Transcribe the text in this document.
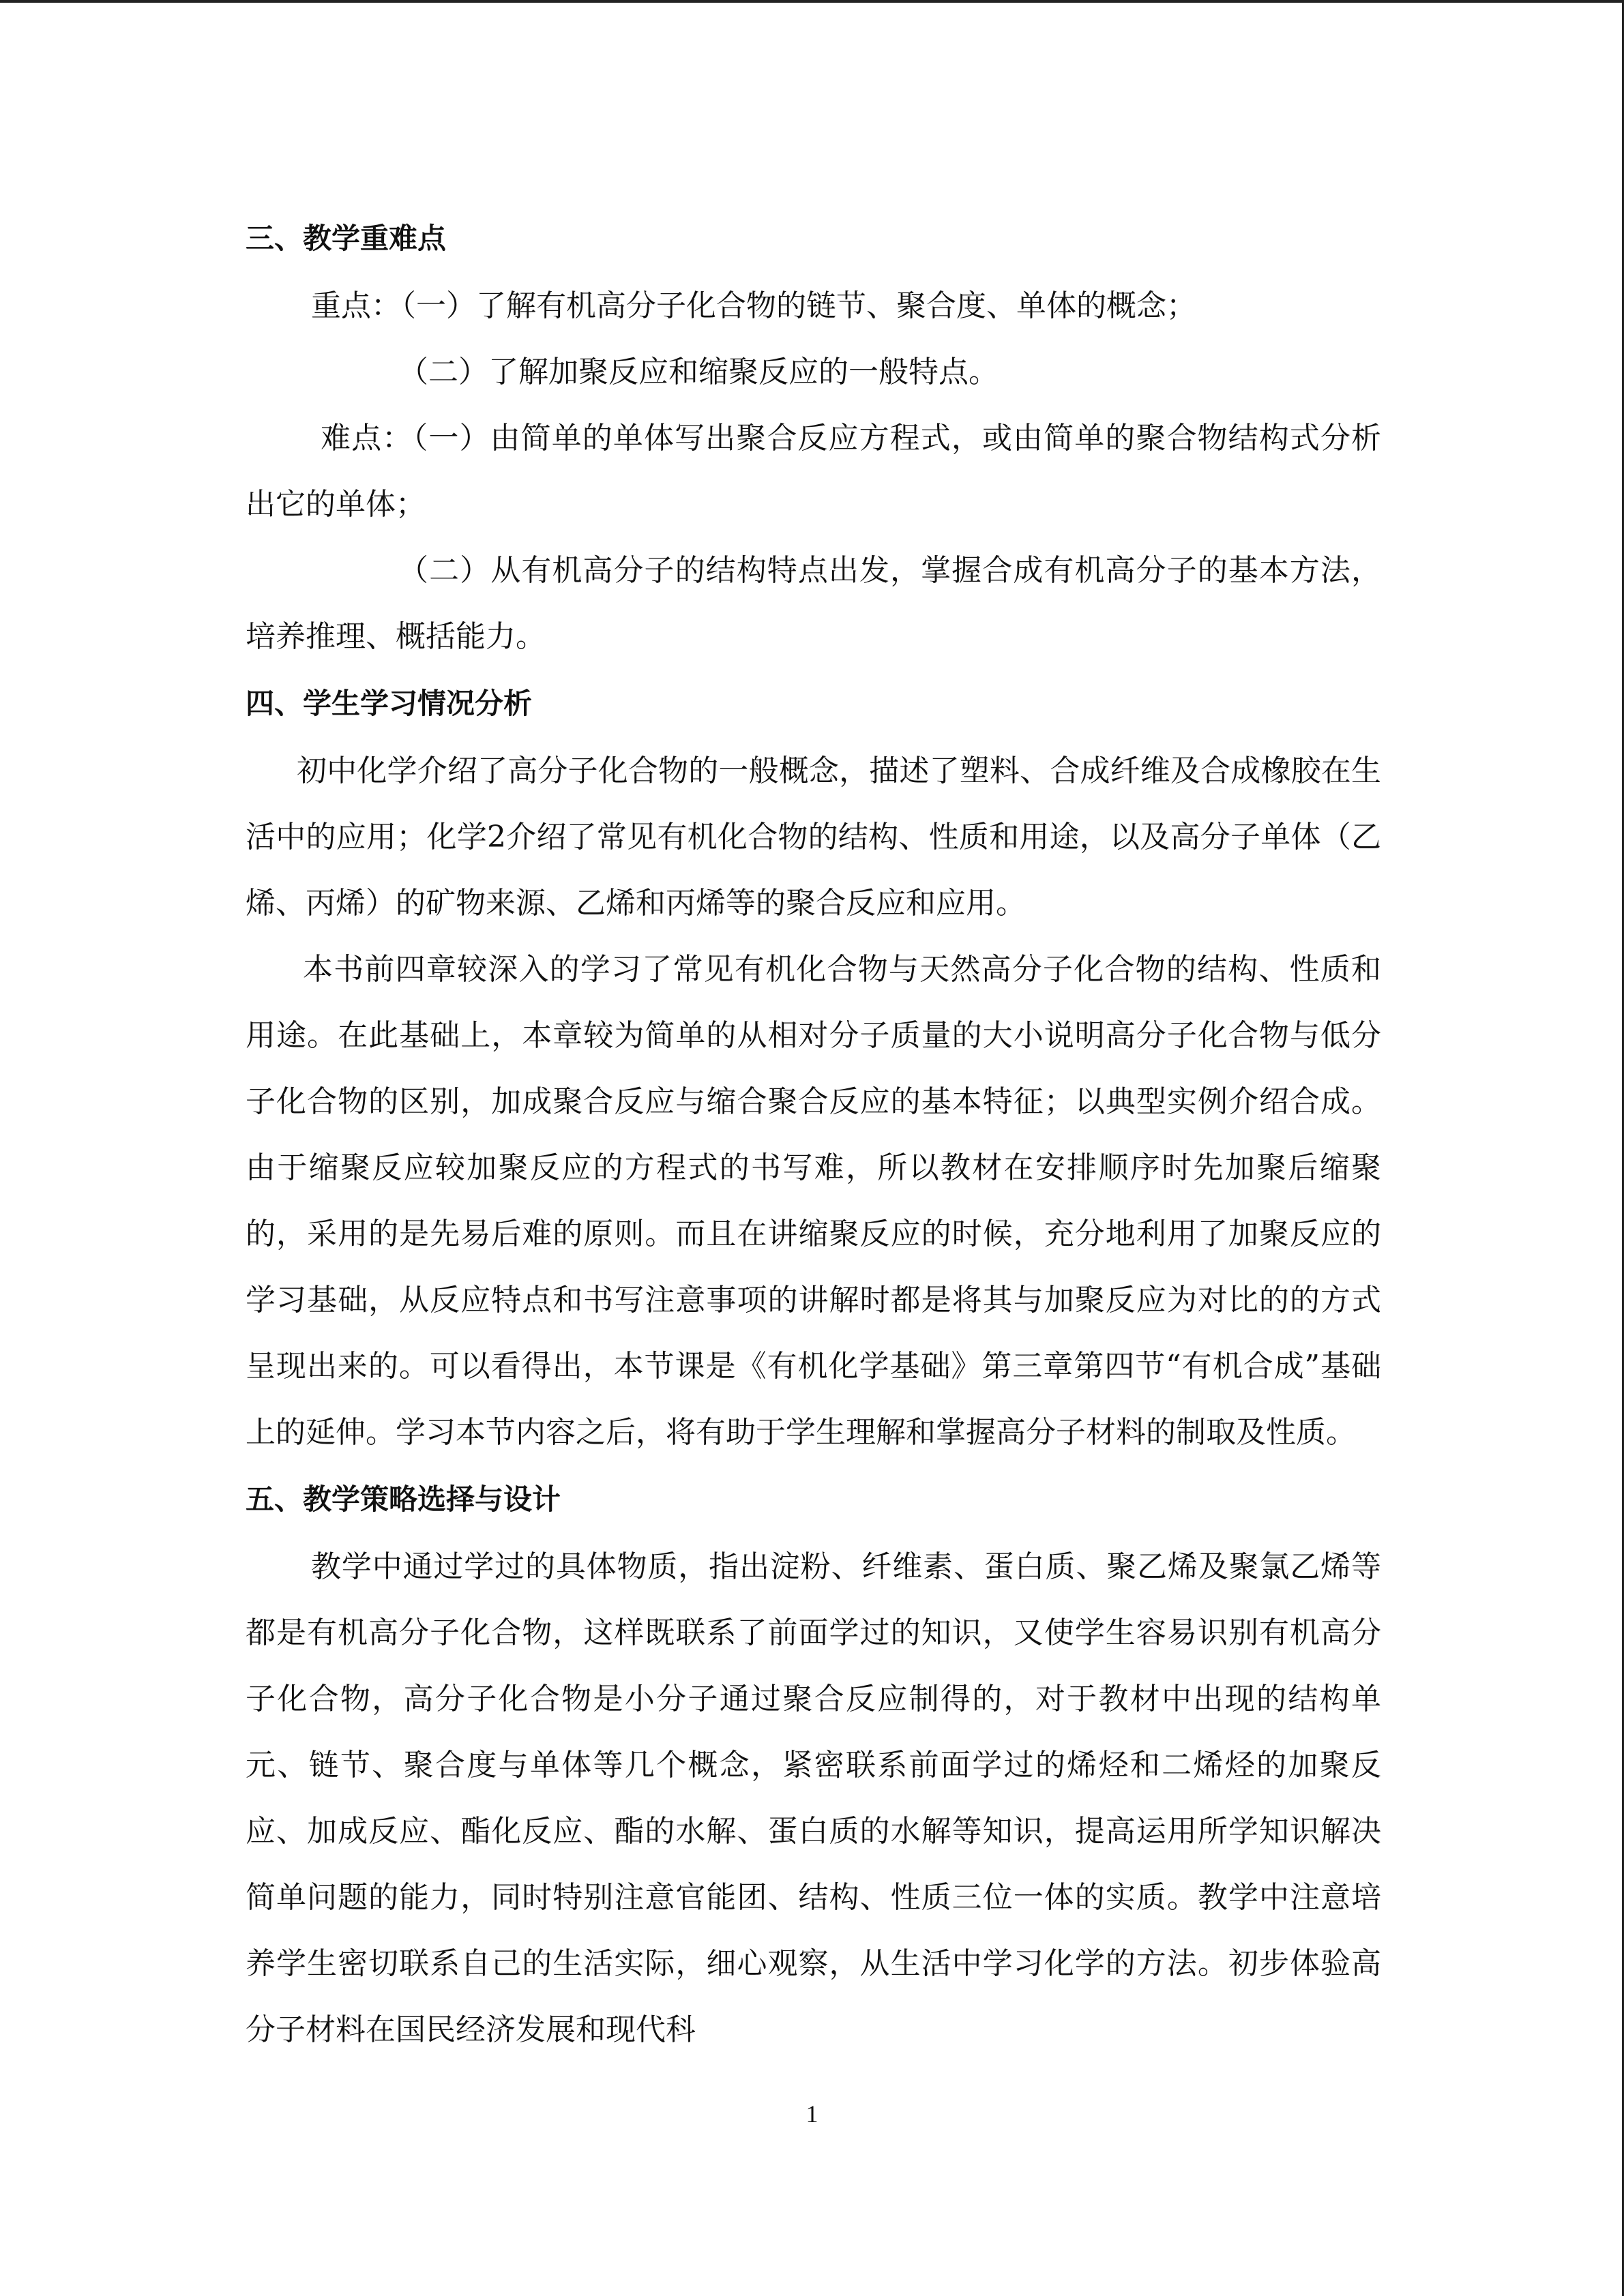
三、教学重难点

重点：（一）了解有机高分子化合物的链节、聚合度、单体的概念；

（二）了解加聚反应和缩聚反应的一般特点。

难点：（一）由简单的单体写出聚合反应方程式，或由简单的聚合物结构式分析出它的单体；

（二）从有机高分子的结构特点出发，掌握合成有机高分子的基本方法，培养推理、概括能力。

四、学生学习情况分析

初中化学介绍了高分子化合物的一般概念，描述了塑料、合成纤维及合成橡胶在生活中的应用；化学2介绍了常见有机化合物的结构、性质和用途，以及高分子单体（乙烯、丙烯）的矿物来源、乙烯和丙烯等的聚合反应和应用。

本书前四章较深入的学习了常见有机化合物与天然高分子化合物的结构、性质和用途。在此基础上，本章较为简单的从相对分子质量的大小说明高分子化合物与低分子化合物的区别，加成聚合反应与缩合聚合反应的基本特征；以典型实例介绍合成。由于缩聚反应较加聚反应的方程式的书写难，所以教材在安排顺序时先加聚后缩聚的，采用的是先易后难的原则。而且在讲缩聚反应的时候，充分地利用了加聚反应的学习基础，从反应特点和书写注意事项的讲解时都是将其与加聚反应为对比的的方式呈现出来的。可以看得出，本节课是《有机化学基础》第三章第四节“有机合成”基础上的延伸。学习本节内容之后，将有助于学生理解和掌握高分子材料的制取及性质。

五、教学策略选择与设计

教学中通过学过的具体物质，指出淀粉、纤维素、蛋白质、聚乙烯及聚氯乙烯等都是有机高分子化合物，这样既联系了前面学过的知识，又使学生容易识别有机高分子化合物，高分子化合物是小分子通过聚合反应制得的，对于教材中出现的结构单元、链节、聚合度与单体等几个概念，紧密联系前面学过的烯烃和二烯烃的加聚反应、加成反应、酯化反应、酯的水解、蛋白质的水解等知识，提高运用所学知识解决简单问题的能力，同时特别注意官能团、结构、性质三位一体的实质。教学中注意培养学生密切联系自己的生活实际，细心观察，从生活中学习化学的方法。初步体验高分子材料在国民经济发展和现代科

1
